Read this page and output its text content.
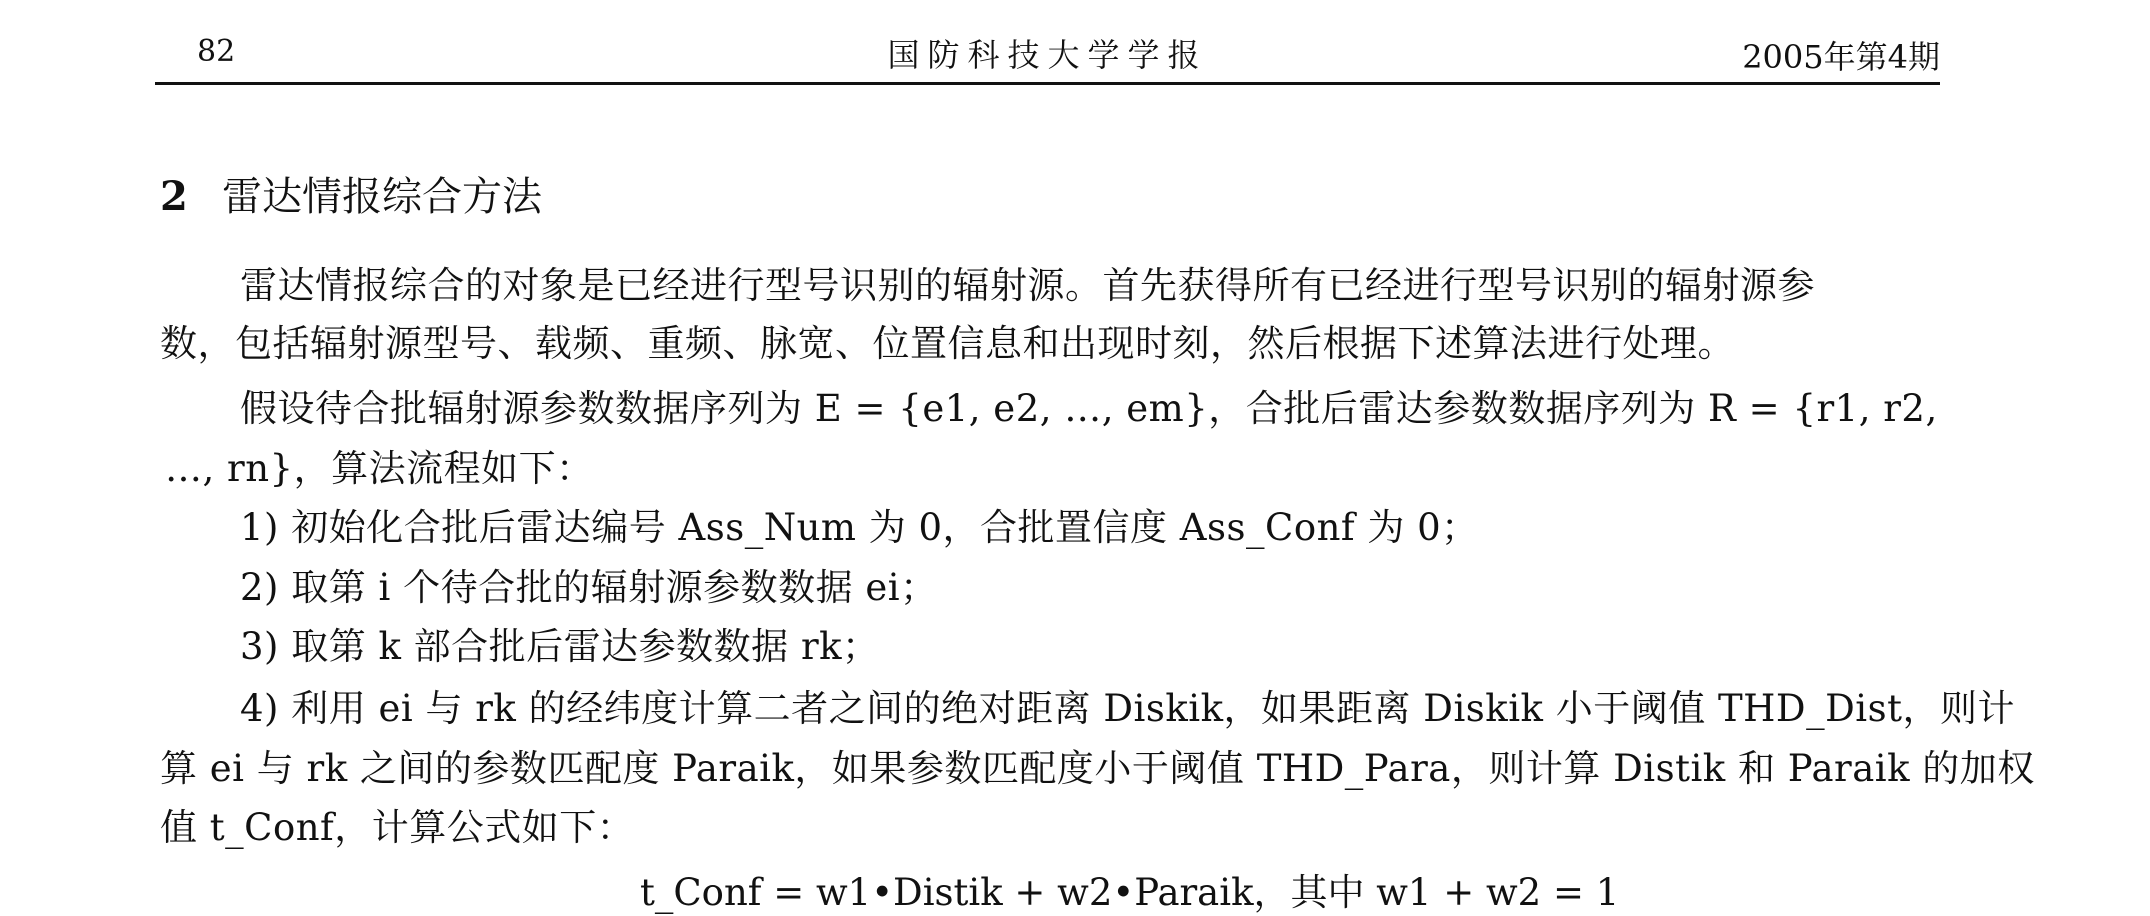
82	国防科技大学学报	2005年第4期
2 雷达情报综合方法
雷达情报综合的对象是已经进行型号识别的辐射源。首先获得所有已经进行型号识别的辐射源参
数，包括辐射源型号、载频、重频、脉宽、位置信息和出现时刻，然后根据下述算法进行处理。
假设待合批辐射源参数数据序列为 E = {e1, e2, …, em}，合批后雷达参数数据序列为 R = {r1, r2,
…, rn}，算法流程如下：
1) 初始化合批后雷达编号 Ass_Num 为 0，合批置信度 Ass_Conf 为 0；
2) 取第 i 个待合批的辐射源参数数据 ei；
3) 取第 k 部合批后雷达参数数据 rk；
4) 利用 ei 与 rk 的经纬度计算二者之间的绝对距离 Diskik，如果距离 Diskik 小于阈值 THD_Dist，则计
算 ei 与 rk 之间的参数匹配度 Paraik，如果参数匹配度小于阈值 THD_Para，则计算 Distik 和 Paraik 的加权
值 t_Conf，计算公式如下：
t_Conf = w1•Distik + w2•Paraik，其中 w1 + w2 = 1
